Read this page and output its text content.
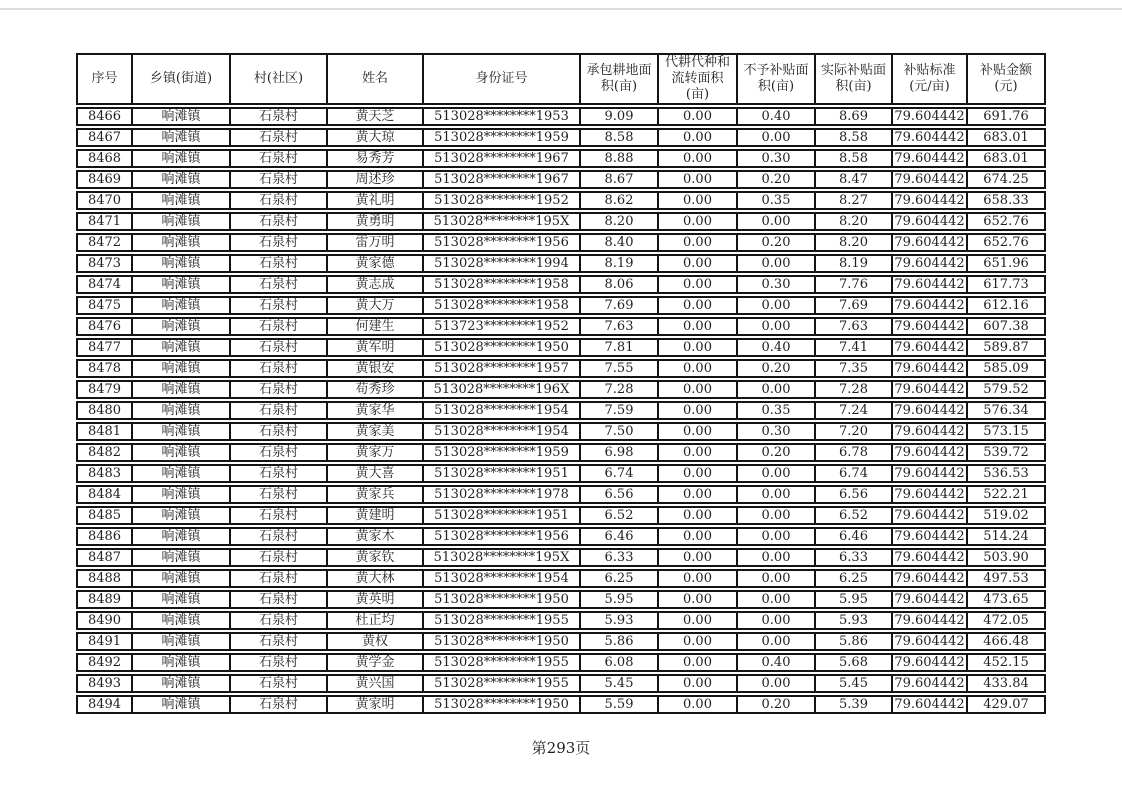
序号	乡镇(街道)	村(社区)	姓名	身份证号	承包耕地面积(亩)	代耕代种和流转面积(亩)	不予补贴面积(亩)	实际补贴面积(亩)	补贴标准(元/亩)	补贴金额(元)
8466	响滩镇	石泉村	黄天芝	513028********1953	9.09	0.00	0.40	8.69	79.604442	691.76
8467	响滩镇	石泉村	黄大琼	513028********1959	8.58	0.00	0.00	8.58	79.604442	683.01
8468	响滩镇	石泉村	易秀芳	513028********1967	8.88	0.00	0.30	8.58	79.604442	683.01
8469	响滩镇	石泉村	周述珍	513028********1967	8.67	0.00	0.20	8.47	79.604442	674.25
8470	响滩镇	石泉村	黄礼明	513028********1952	8.62	0.00	0.35	8.27	79.604442	658.33
8471	响滩镇	石泉村	黄勇明	513028********195X	8.20	0.00	0.00	8.20	79.604442	652.76
8472	响滩镇	石泉村	雷万明	513028********1956	8.40	0.00	0.20	8.20	79.604442	652.76
8473	响滩镇	石泉村	黄家德	513028********1994	8.19	0.00	0.00	8.19	79.604442	651.96
8474	响滩镇	石泉村	黄志成	513028********1958	8.06	0.00	0.30	7.76	79.604442	617.73
8475	响滩镇	石泉村	黄大万	513028********1958	7.69	0.00	0.00	7.69	79.604442	612.16
8476	响滩镇	石泉村	何建生	513723********1952	7.63	0.00	0.00	7.63	79.604442	607.38
8477	响滩镇	石泉村	黄军明	513028********1950	7.81	0.00	0.40	7.41	79.604442	589.87
8478	响滩镇	石泉村	黄银安	513028********1957	7.55	0.00	0.20	7.35	79.604442	585.09
8479	响滩镇	石泉村	苟秀珍	513028********196X	7.28	0.00	0.00	7.28	79.604442	579.52
8480	响滩镇	石泉村	黄家华	513028********1954	7.59	0.00	0.35	7.24	79.604442	576.34
8481	响滩镇	石泉村	黄家美	513028********1954	7.50	0.00	0.30	7.20	79.604442	573.15
8482	响滩镇	石泉村	黄家万	513028********1959	6.98	0.00	0.20	6.78	79.604442	539.72
8483	响滩镇	石泉村	黄大喜	513028********1951	6.74	0.00	0.00	6.74	79.604442	536.53
8484	响滩镇	石泉村	黄家兵	513028********1978	6.56	0.00	0.00	6.56	79.604442	522.21
8485	响滩镇	石泉村	黄建明	513028********1951	6.52	0.00	0.00	6.52	79.604442	519.02
8486	响滩镇	石泉村	黄家木	513028********1956	6.46	0.00	0.00	6.46	79.604442	514.24
8487	响滩镇	石泉村	黄家钦	513028********195X	6.33	0.00	0.00	6.33	79.604442	503.90
8488	响滩镇	石泉村	黄大林	513028********1954	6.25	0.00	0.00	6.25	79.604442	497.53
8489	响滩镇	石泉村	黄英明	513028********1950	5.95	0.00	0.00	5.95	79.604442	473.65
8490	响滩镇	石泉村	杜正均	513028********1955	5.93	0.00	0.00	5.93	79.604442	472.05
8491	响滩镇	石泉村	黄权	513028********1950	5.86	0.00	0.00	5.86	79.604442	466.48
8492	响滩镇	石泉村	黄学金	513028********1955	6.08	0.00	0.40	5.68	79.604442	452.15
8493	响滩镇	石泉村	黄兴国	513028********1955	5.45	0.00	0.00	5.45	79.604442	433.84
8494	响滩镇	石泉村	黄家明	513028********1950	5.59	0.00	0.20	5.39	79.604442	429.07
第293页
